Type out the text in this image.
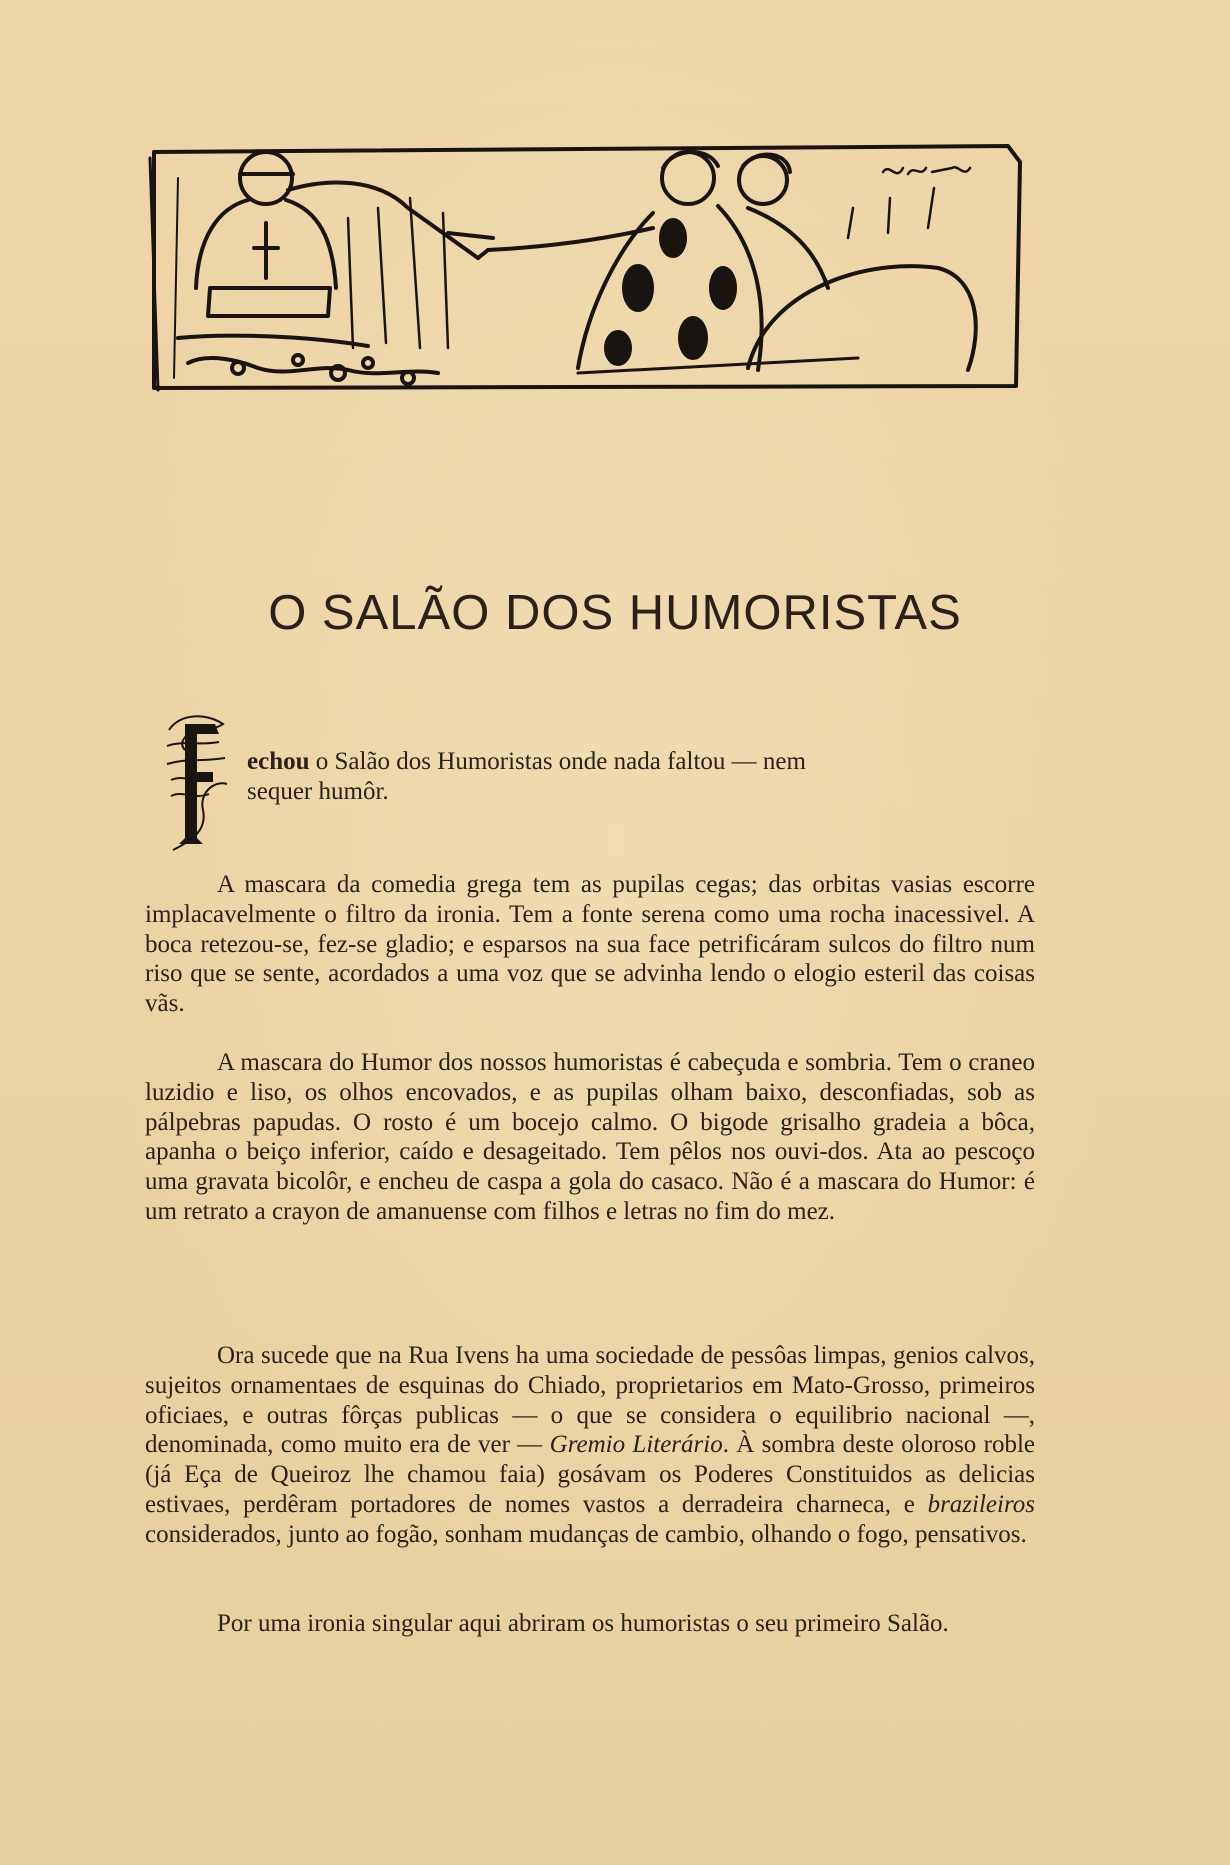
O SALÃO DOS HUMORISTAS

echou o Salão dos Humoristas onde nada faltou — nem

sequer humôr.

A mascara da comedia grega tem as pupilas cegas; das orbitas vasias escorre implacavelmente o filtro da ironia. Tem a fonte serena como uma rocha inacessivel. A boca retezou-se, fez-se gladio; e esparsos na sua face petrificáram sulcos do filtro num riso que se sente, acordados a uma voz que se advinha lendo o elogio esteril das coisas vãs.

A mascara do Humor dos nossos humoristas é cabeçuda e sombria. Tem o craneo luzidio e liso, os olhos encovados, e as pupilas olham baixo, desconfiadas, sob as pálpebras papudas. O rosto é um bocejo calmo. O bigode grisalho gradeia a bôca, apanha o beiço inferior, caído e desageitado. Tem pêlos nos ouvi-dos. Ata ao pescoço uma gravata bicolôr, e encheu de caspa a gola do casaco. Não é a mascara do Humor: é um retrato a crayon de amanuense com filhos e letras no fim do mez.

Ora sucede que na Rua Ivens ha uma sociedade de pessôas limpas, genios calvos, sujeitos ornamentaes de esquinas do Chiado, proprietarios em Mato-Grosso, primeiros oficiaes, e outras fôrças publicas — o que se considera o equilibrio nacional —, denominada, como muito era de ver — Gremio Literário. À sombra deste oloroso roble (já Eça de Queiroz lhe chamou faia) gosávam os Poderes Constituidos as delicias estivaes, perdêram portadores de nomes vastos a derradeira charneca, e brazileiros considerados, junto ao fogão, sonham mudanças de cambio, olhando o fogo, pensativos.

Por uma ironia singular aqui abriram os humoristas o seu primeiro Salão.
